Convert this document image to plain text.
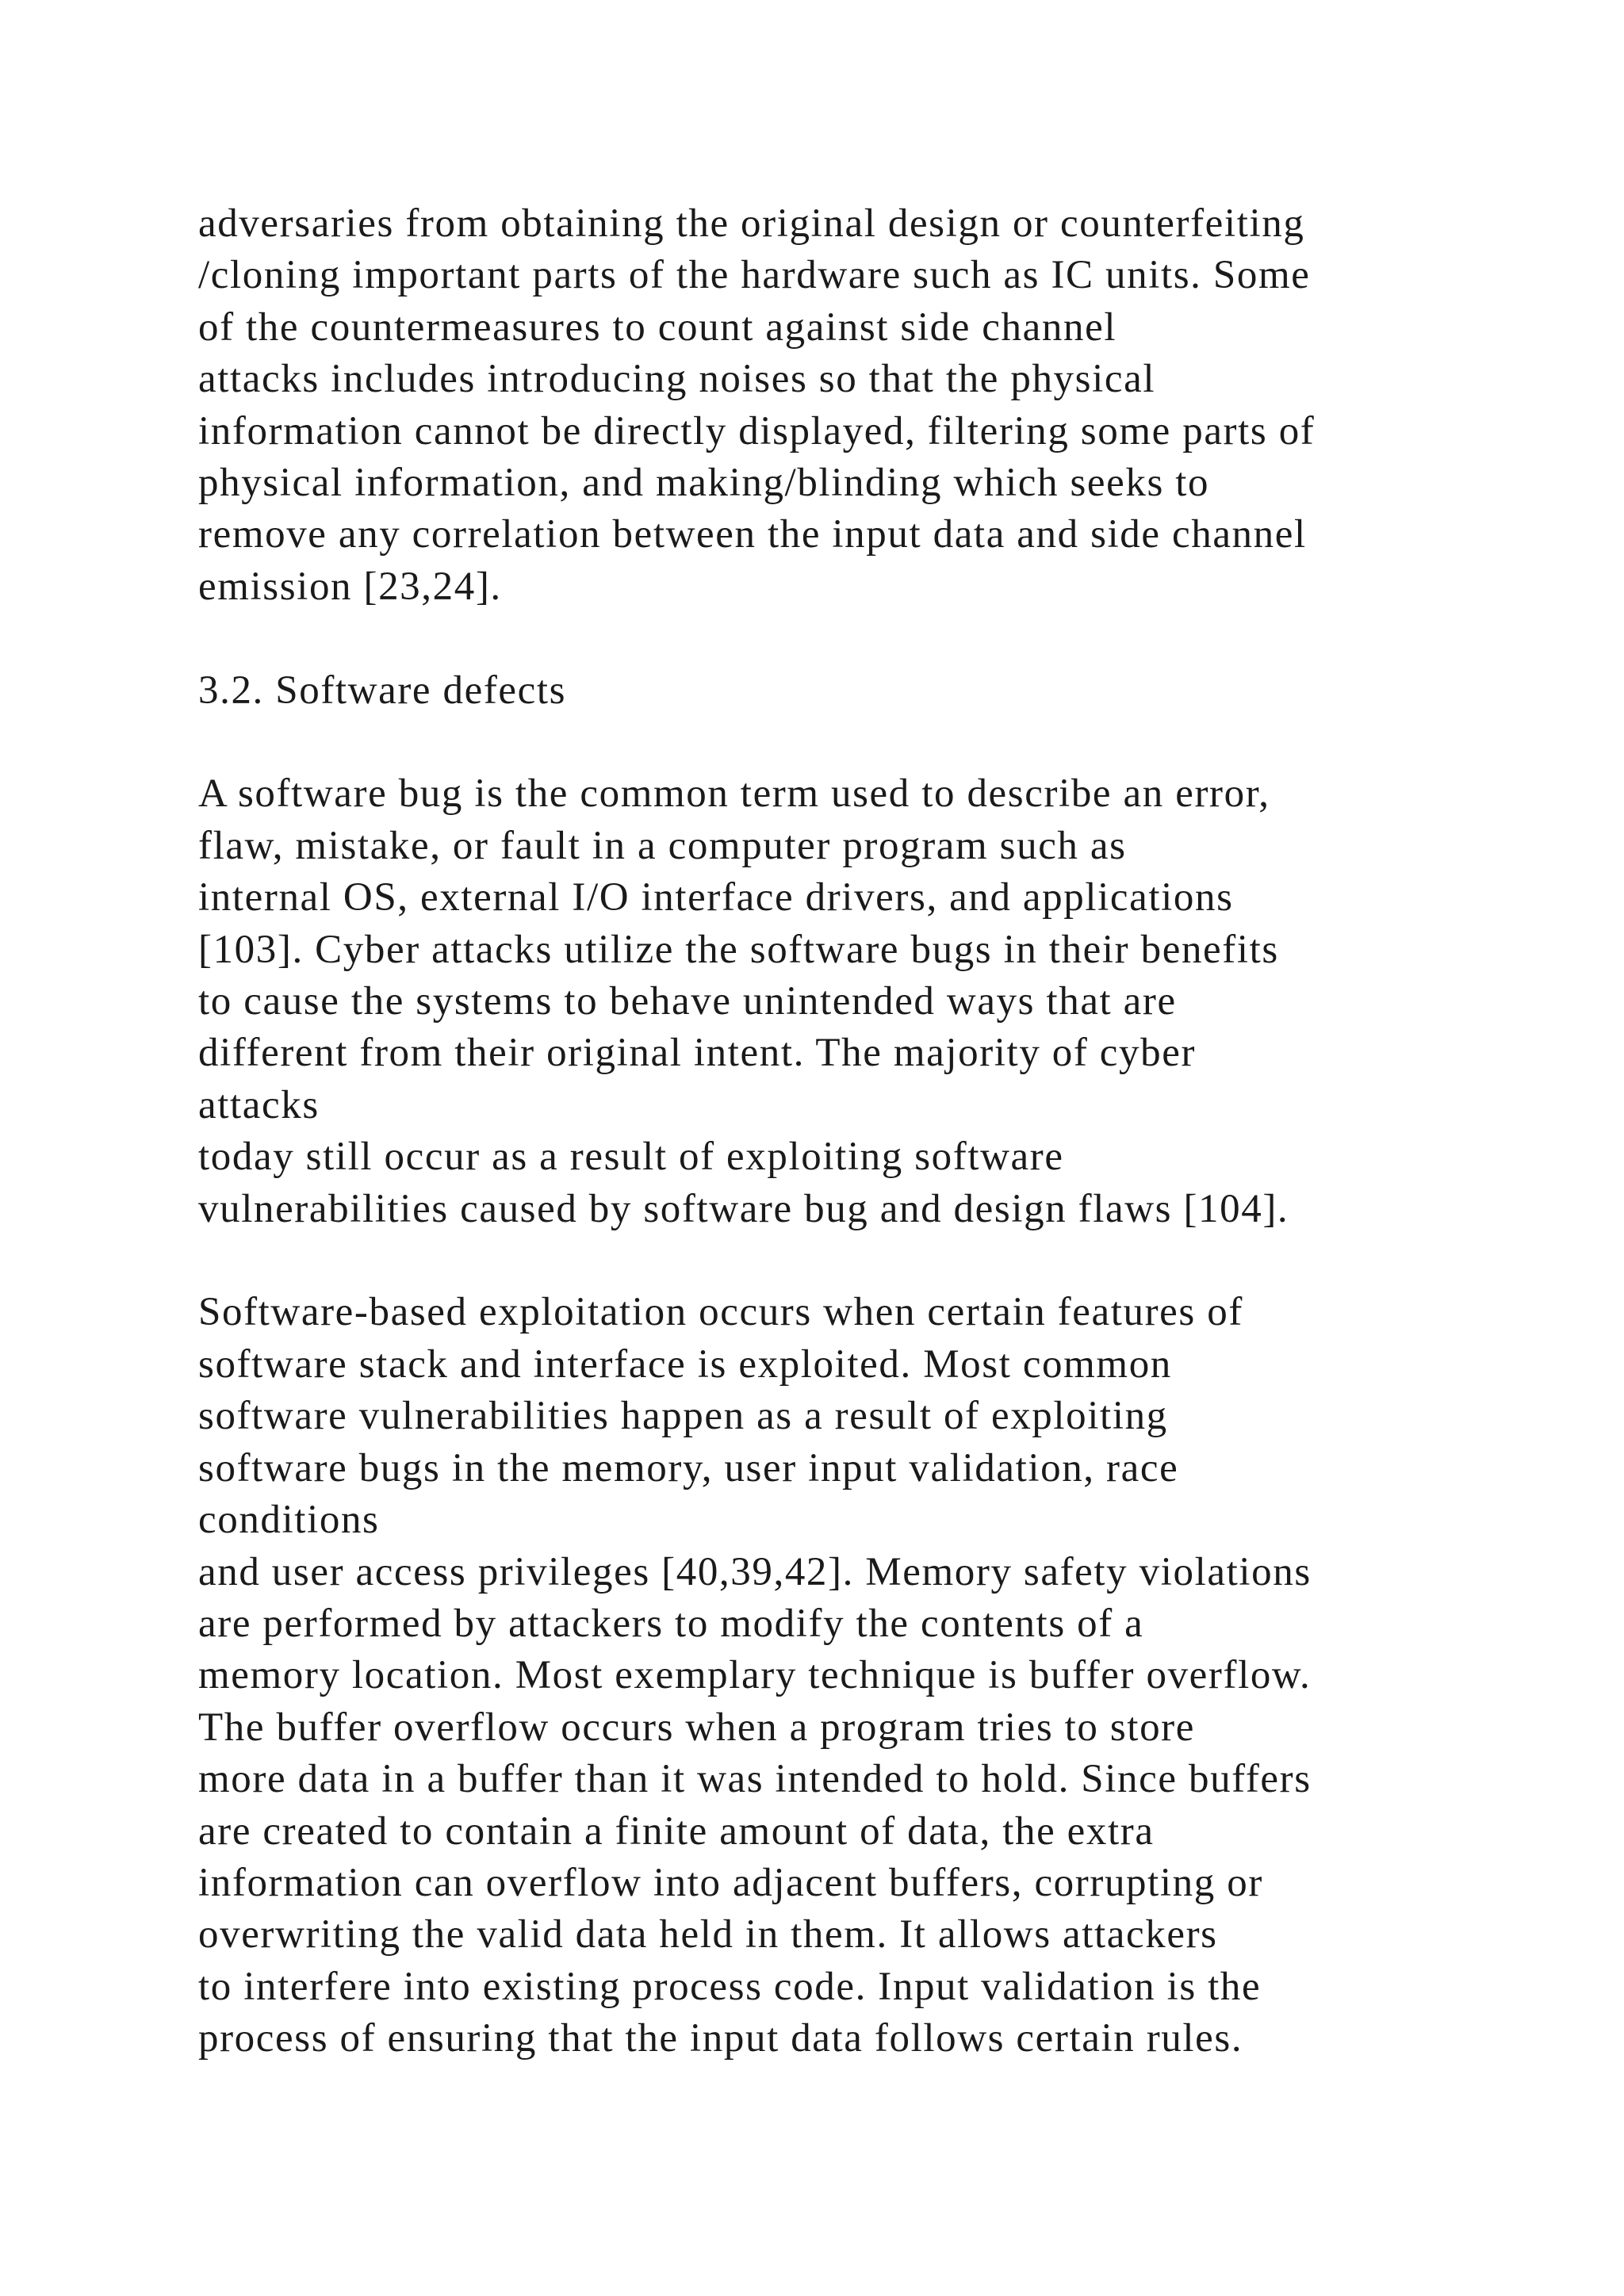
adversaries from obtaining the original design or counterfeiting
/cloning important parts of the hardware such as IC units. Some
of the countermeasures to count against side channel
attacks includes introducing noises so that the physical
information cannot be directly displayed, filtering some parts of
physical information, and making/blinding which seeks to
remove any correlation between the input data and side channel
emission [23,24].
3.2. Software defects
A software bug is the common term used to describe an error,
flaw, mistake, or fault in a computer program such as
internal OS, external I/O interface drivers, and applications
[103]. Cyber attacks utilize the software bugs in their benefits
to cause the systems to behave unintended ways that are
different from their original intent. The majority of cyber
attacks
today still occur as a result of exploiting software
vulnerabilities caused by software bug and design flaws [104].
Software-based exploitation occurs when certain features of
software stack and interface is exploited. Most common
software vulnerabilities happen as a result of exploiting
software bugs in the memory, user input validation, race
conditions
and user access privileges [40,39,42]. Memory safety violations
are performed by attackers to modify the contents of a
memory location. Most exemplary technique is buffer overflow.
The buffer overflow occurs when a program tries to store
more data in a buffer than it was intended to hold. Since buffers
are created to contain a finite amount of data, the extra
information can overflow into adjacent buffers, corrupting or
overwriting the valid data held in them. It allows attackers
to interfere into existing process code. Input validation is the
process of ensuring that the input data follows certain rules.
